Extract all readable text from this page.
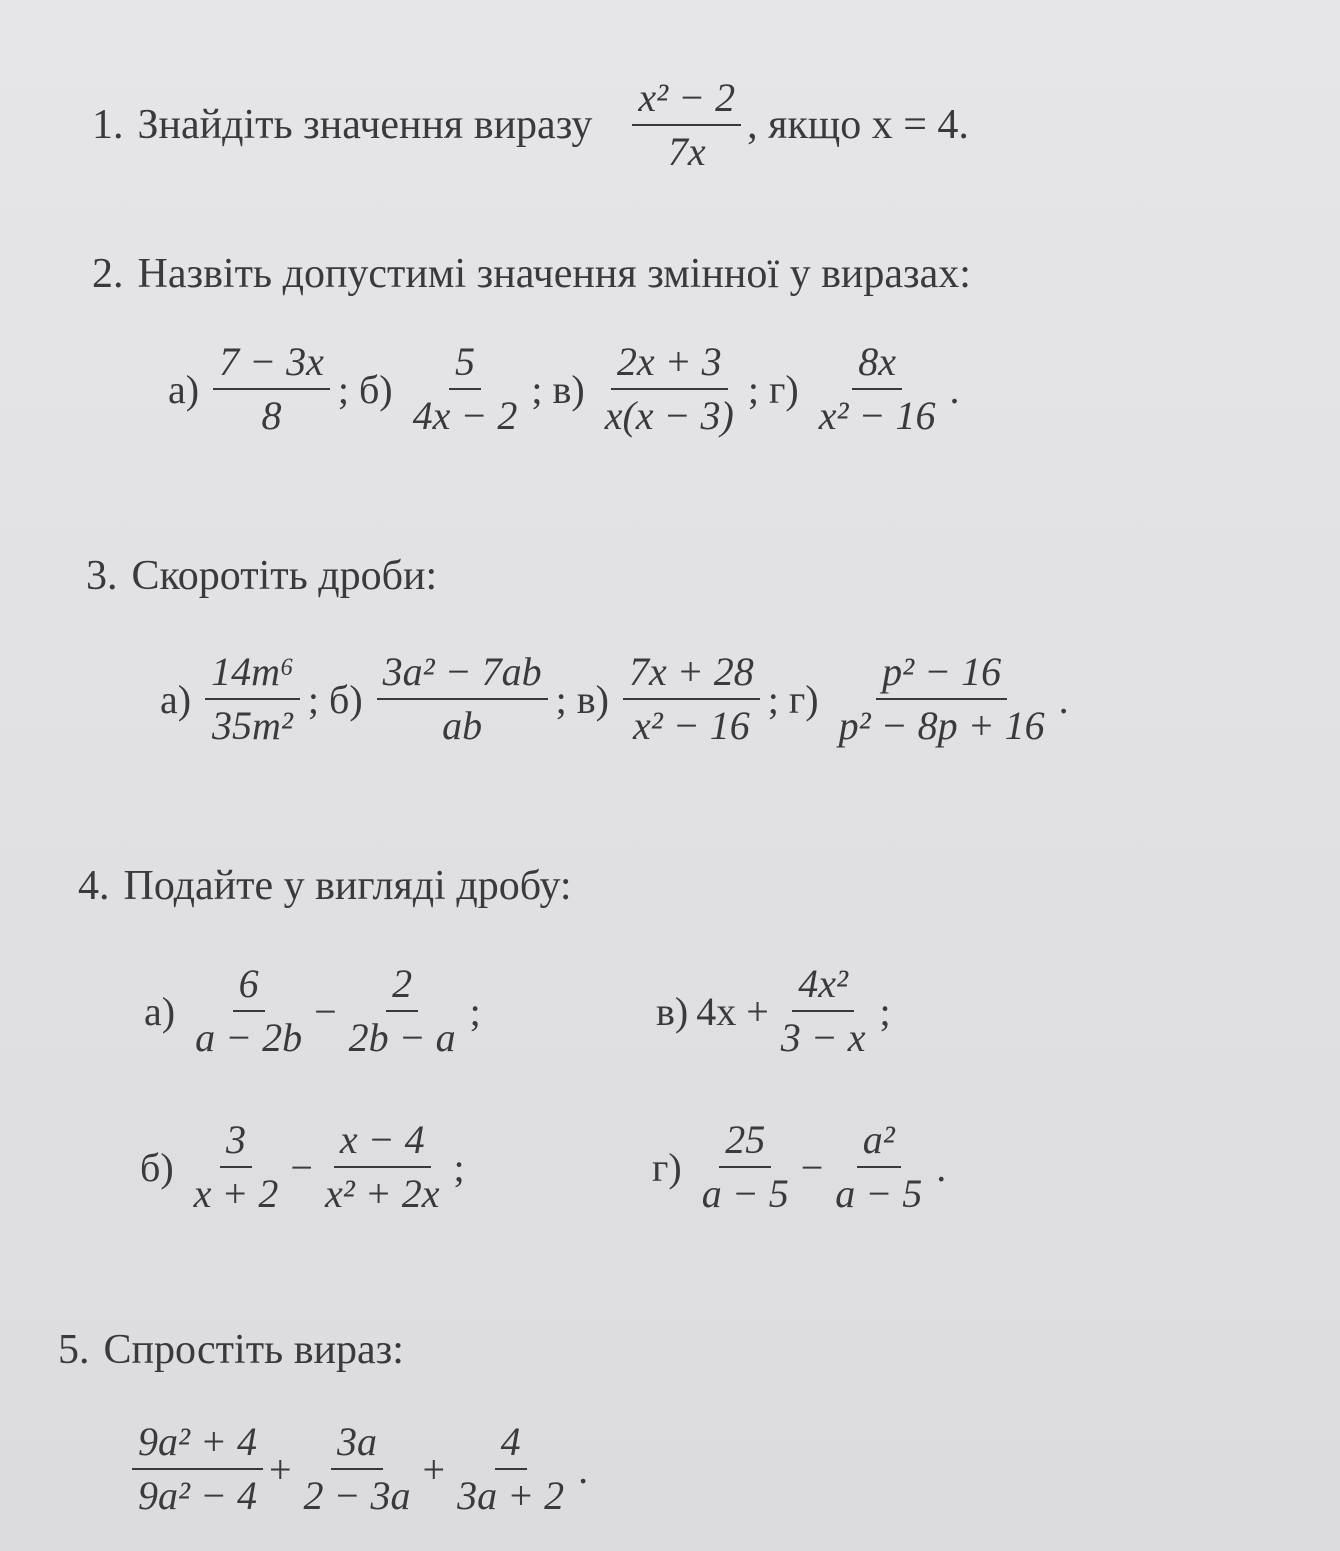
1. Знайдіть значення виразу $\frac{\text{x² − 2}}{7x}$ , якщо x = 4.
2. Назвіть допустимі значення змінної у виразах:
$а) \frac{7 - 3x}{8}$ ; $б) \frac{5}{4x - 2}$ ; $в) \frac{2x + 3}{x(x - 3)}$ ; $г) \frac{8x}{\text{x² − 16}}$ .
3. Скоротіть дроби:
$а) \frac{\text{14m⁶}}{\text{35m²}}$ ; $б) \frac{\text{3a² − 7ab}}{ab}$ ; $в) \frac{7x + 28}{\text{x² − 16}}$ ; $г) \frac{\text{p² − 16}}{\text{p² − 8p + 16}}$ .
4. Подайте у вигляді дробу:
$а) \frac{6}{a - 2b} - \frac{2}{2b - a}$ ;	в) $4x + \frac{\text{4x²}}{3 - x}$ ;
$б) \frac{3}{x + 2} - \frac{x - 4}{\text{x² + 2x}}$ ;	$г) \frac{25}{a - 5} - \frac{\text{a²}}{a - 5}$ .
5. Спростіть вираз:
$\frac{\text{9a² + 4}}{\text{9a² − 4}} + \frac{3a}{2 - 3a} + \frac{4}{3a + 2}$ .
